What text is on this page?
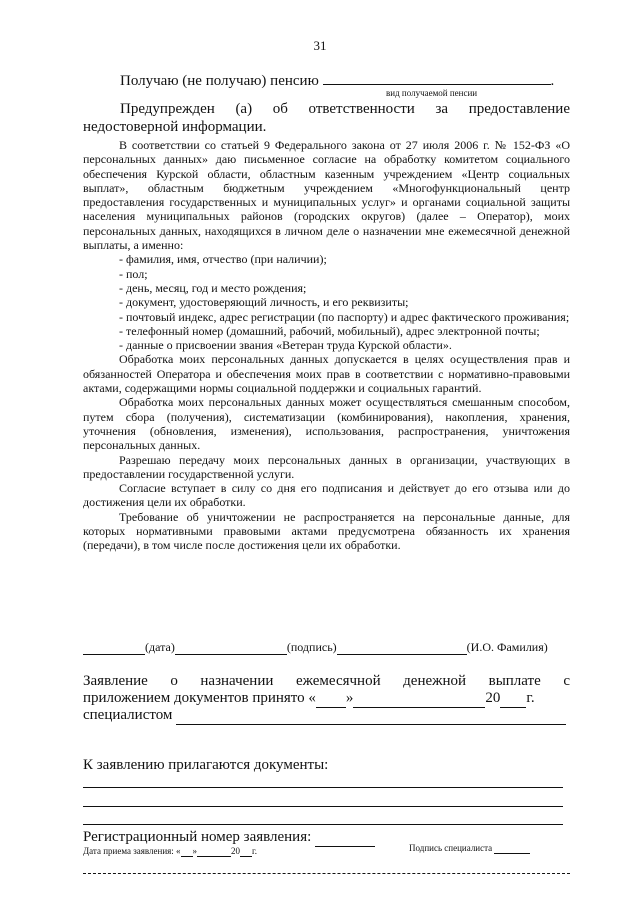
31
Получаю (не получаю) пенсию	.
вид получаемой пенсии
Предупрежден (а) об ответственности за предоставление
недостоверной информации.

В соответствии со статьей 9 Федерального закона от 27 июля 2006 г. № 152-ФЗ «О персональных данных» даю письменное согласие на обработку комитетом социального обеспечения Курской области, областным казенным учреждением «Центр социальных выплат», областным бюджетным учреждением «Многофункциональный центр предоставления государственных и муниципальных услуг» и органами социальной защиты населения муниципальных районов (городских округов) (далее – Оператор), моих персональных данных, находящихся в личном деле о назначении мне ежемесячной денежной выплаты, а именно:

- фамилия, имя, отчество (при наличии);

- пол;

- день, месяц, год и место рождения;

- документ, удостоверяющий личность, и его реквизиты;

- почтовый индекс, адрес регистрации (по паспорту) и адрес фактического проживания;

- телефонный номер (домашний, рабочий, мобильный), адрес электронной почты;

- данные о присвоении звания «Ветеран труда Курской области».

Обработка моих персональных данных допускается в целях осуществления прав и обязанностей Оператора и обеспечения моих прав в соответствии с нормативно-правовыми актами, содержащими нормы социальной поддержки и социальных гарантий.

Обработка моих персональных данных может осуществляться смешанным способом, путем сбора (получения), систематизации (комбинирования), накопления, хранения, уточнения (обновления, изменения), использования, распространения, уничтожения персональных данных.

Разрешаю передачу моих персональных данных в организации, участвующих в предоставлении государственной услуги.

Согласие вступает в силу со дня его подписания и действует до его отзыва или до достижения цели их обработки.

Требование об уничтожении не распространяется на персональные данные, для которых нормативными правовыми актами предусмотрена обязанность их хранения (передачи), в том числе после достижения цели их обработки.

(дата)	(подпись)	(И.О. Фамилия)
Заявление о назначении ежемесячной денежной выплате с
приложением документов принято « »	20 г.
специалистом
К заявлению прилагаются документы:
Регистрационный номер заявления:
Дата приема заявления: « »	20 г.	Подпись специалиста
